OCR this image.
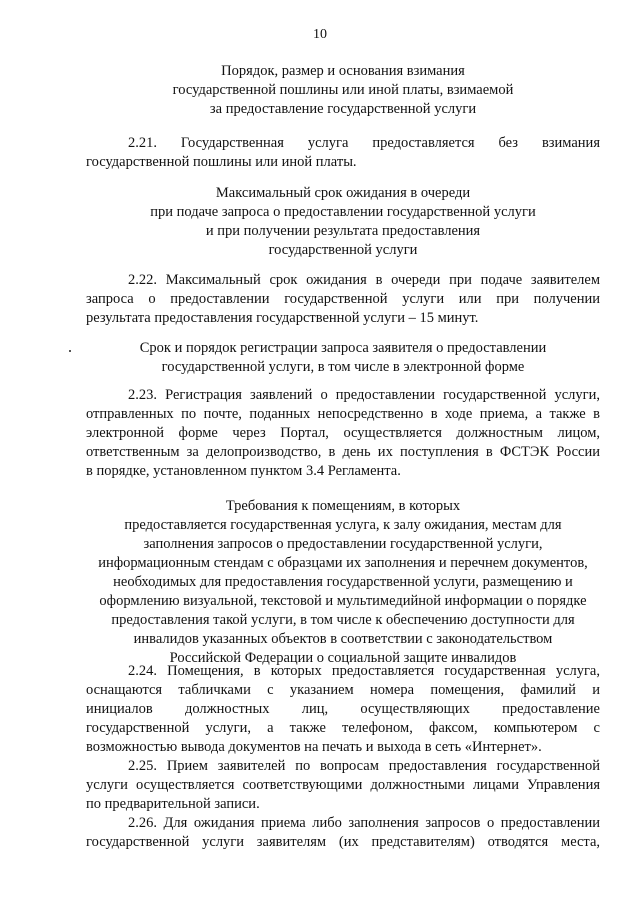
10
Порядок, размер и основания взимания
государственной пошлины или иной платы, взимаемой
за предоставление государственной услуги
2.21. Государственная услуга предоставляется без взимания
государственной пошлины или иной платы.
Максимальный срок ожидания в очереди
при подаче запроса о предоставлении государственной услуги
и при получении результата предоставления
государственной услуги
2.22. Максимальный срок ожидания в очереди при подаче заявителем
запроса о предоставлении государственной услуги или при получении
результата предоставления государственной услуги – 15 минут.
Срок и порядок регистрации запроса заявителя о предоставлении
государственной услуги, в том числе в электронной форме
2.23. Регистрация заявлений о предоставлении государственной услуги,
отправленных по почте, поданных непосредственно в ходе приема, а также в
электронной форме через Портал, осуществляется должностным лицом,
ответственным за делопроизводство, в день их поступления в ФСТЭК России
в порядке, установленном пунктом 3.4 Регламента.
Требования к помещениям, в которых
предоставляется государственная услуга, к залу ожидания, местам для
заполнения запросов о предоставлении государственной услуги,
информационным стендам с образцами их заполнения и перечнем документов,
необходимых для предоставления государственной услуги, размещению и
оформлению визуальной, текстовой и мультимедийной информации о порядке
предоставления такой услуги, в том числе к обеспечению доступности для
инвалидов указанных объектов в соответствии с законодательством
Российской Федерации о социальной защите инвалидов
2.24. Помещения, в которых предоставляется государственная услуга,
оснащаются табличками с указанием номера помещения, фамилий и
инициалов должностных лиц, осуществляющих предоставление
государственной услуги, а также телефоном, факсом, компьютером с
возможностью вывода документов на печать и выхода в сеть «Интернет».
2.25. Прием заявителей по вопросам предоставления государственной
услуги осуществляется соответствующими должностными лицами Управления
по предварительной записи.
2.26. Для ожидания приема либо заполнения запросов о предоставлении
государственной услуги заявителям (их представителям) отводятся места,
